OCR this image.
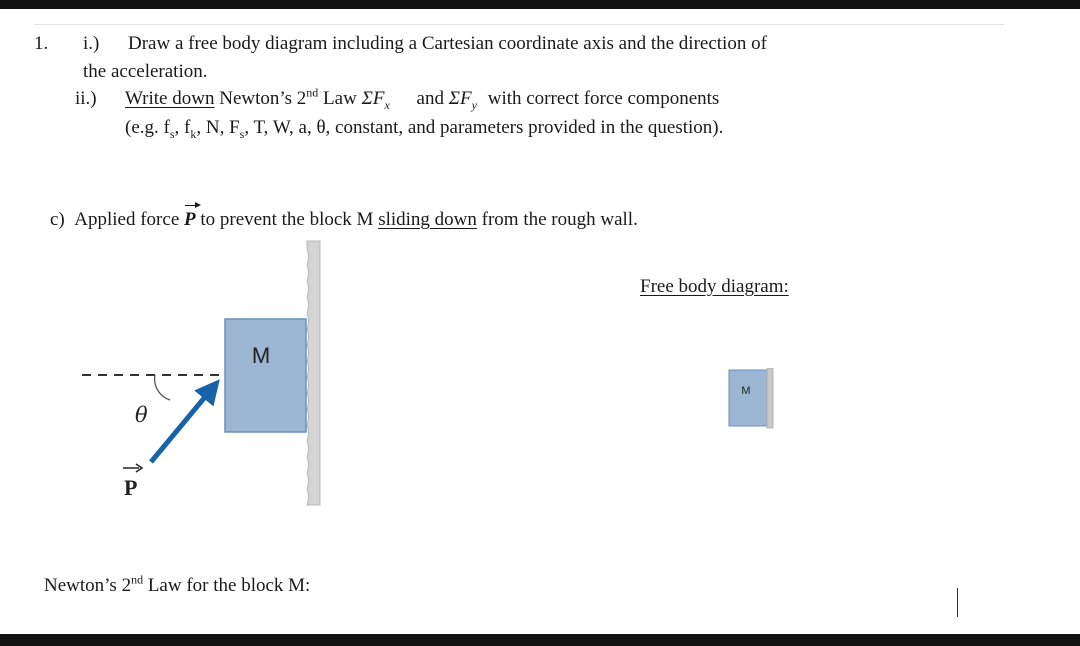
1. i.) Draw a free body diagram including a Cartesian coordinate axis and the direction of
the acceleration.
ii.) Write down Newton’s 2nd Law $\Sigma F_x$ and $\Sigma F_y$ with correct force components
(e.g. $f_s$, $f_k$, N, $F_s$, T, W, a, θ, constant, and parameters provided in the question).
c) Applied force P to prevent the block M sliding down from the rough wall.
M
θ
P
Free body diagram:
M
Newton’s 2nd Law for the block M:
